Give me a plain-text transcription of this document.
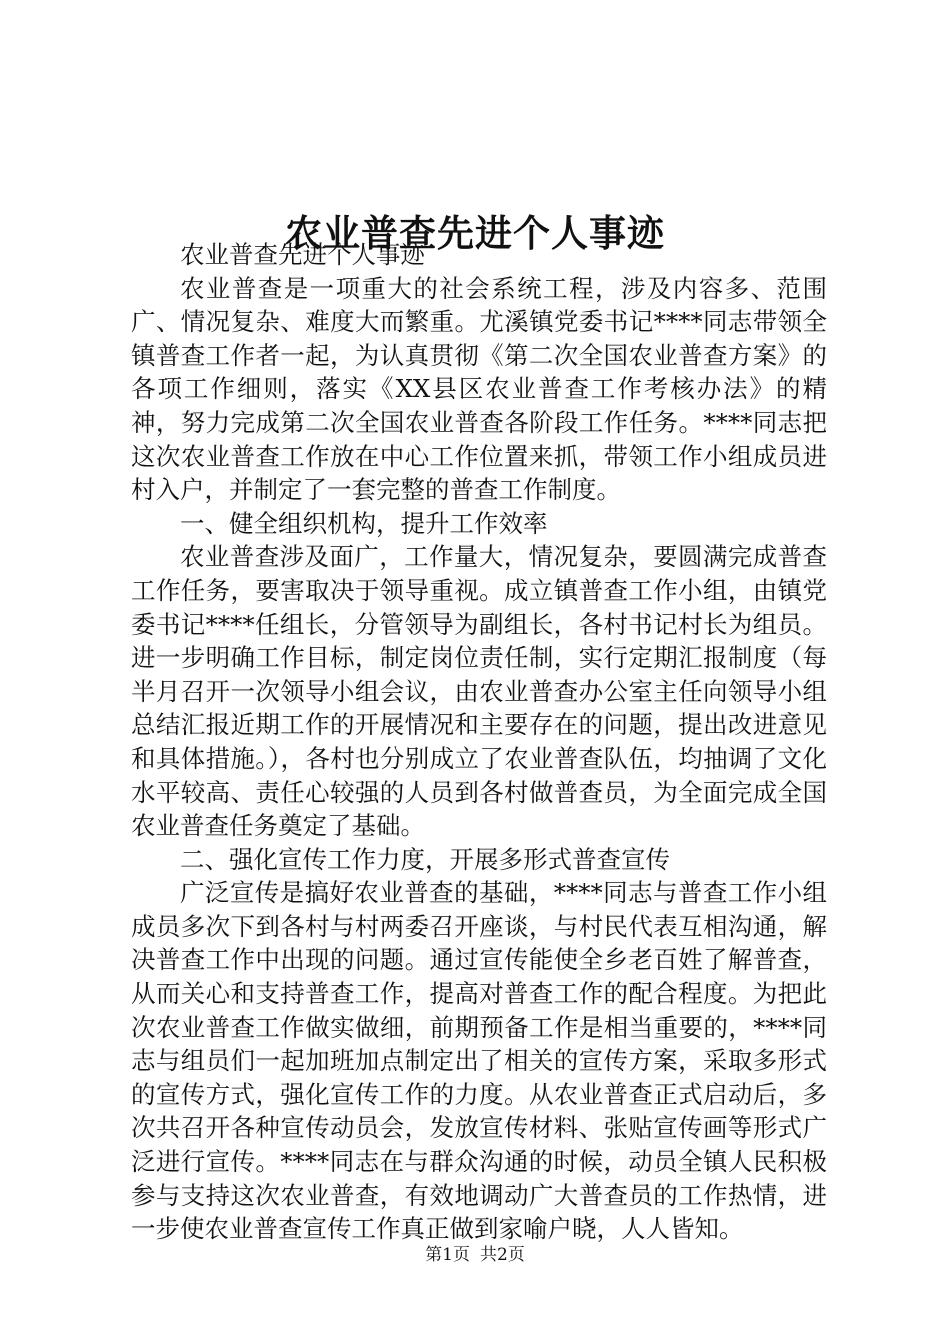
农业普查先进个人事迹

农业普查先进个人事迹

农业普查是一项重大的社会系统工程，涉及内容多、范围广、情况复杂、难度大而繁重。尤溪镇党委书记****同志带领全镇普查工作者一起，为认真贯彻《第二次全国农业普查方案》的各项工作细则，落实《XX县区农业普查工作考核办法》的精神，努力完成第二次全国农业普查各阶段工作任务。****同志把这次农业普查工作放在中心工作位置来抓，带领工作小组成员进村入户，并制定了一套完整的普查工作制度。

一、健全组织机构，提升工作效率

农业普查涉及面广，工作量大，情况复杂，要圆满完成普查工作任务，要害取决于领导重视。成立镇普查工作小组，由镇党委书记****任组长，分管领导为副组长，各村书记村长为组员。进一步明确工作目标，制定岗位责任制，实行定期汇报制度（每半月召开一次领导小组会议，由农业普查办公室主任向领导小组总结汇报近期工作的开展情况和主要存在的问题，提出改进意见和具体措施。），各村也分别成立了农业普查队伍，均抽调了文化水平较高、责任心较强的人员到各村做普查员，为全面完成全国农业普查任务奠定了基础。

二、强化宣传工作力度，开展多形式普查宣传

广泛宣传是搞好农业普查的基础，****同志与普查工作小组成员多次下到各村与村两委召开座谈，与村民代表互相沟通，解决普查工作中出现的问题。通过宣传能使全乡老百姓了解普查，从而关心和支持普查工作，提高对普查工作的配合程度。为把此次农业普查工作做实做细，前期预备工作是相当重要的，****同志与组员们一起加班加点制定出了相关的宣传方案，采取多形式的宣传方式，强化宣传工作的力度。从农业普查正式启动后，多次共召开各种宣传动员会，发放宣传材料、张贴宣传画等形式广泛进行宣传。****同志在与群众沟通的时候，动员全镇人民积极参与支持这次农业普查，有效地调动广大普查员的工作热情，进一步使农业普查宣传工作真正做到家喻户晓，人人皆知。

第1页 共2页
